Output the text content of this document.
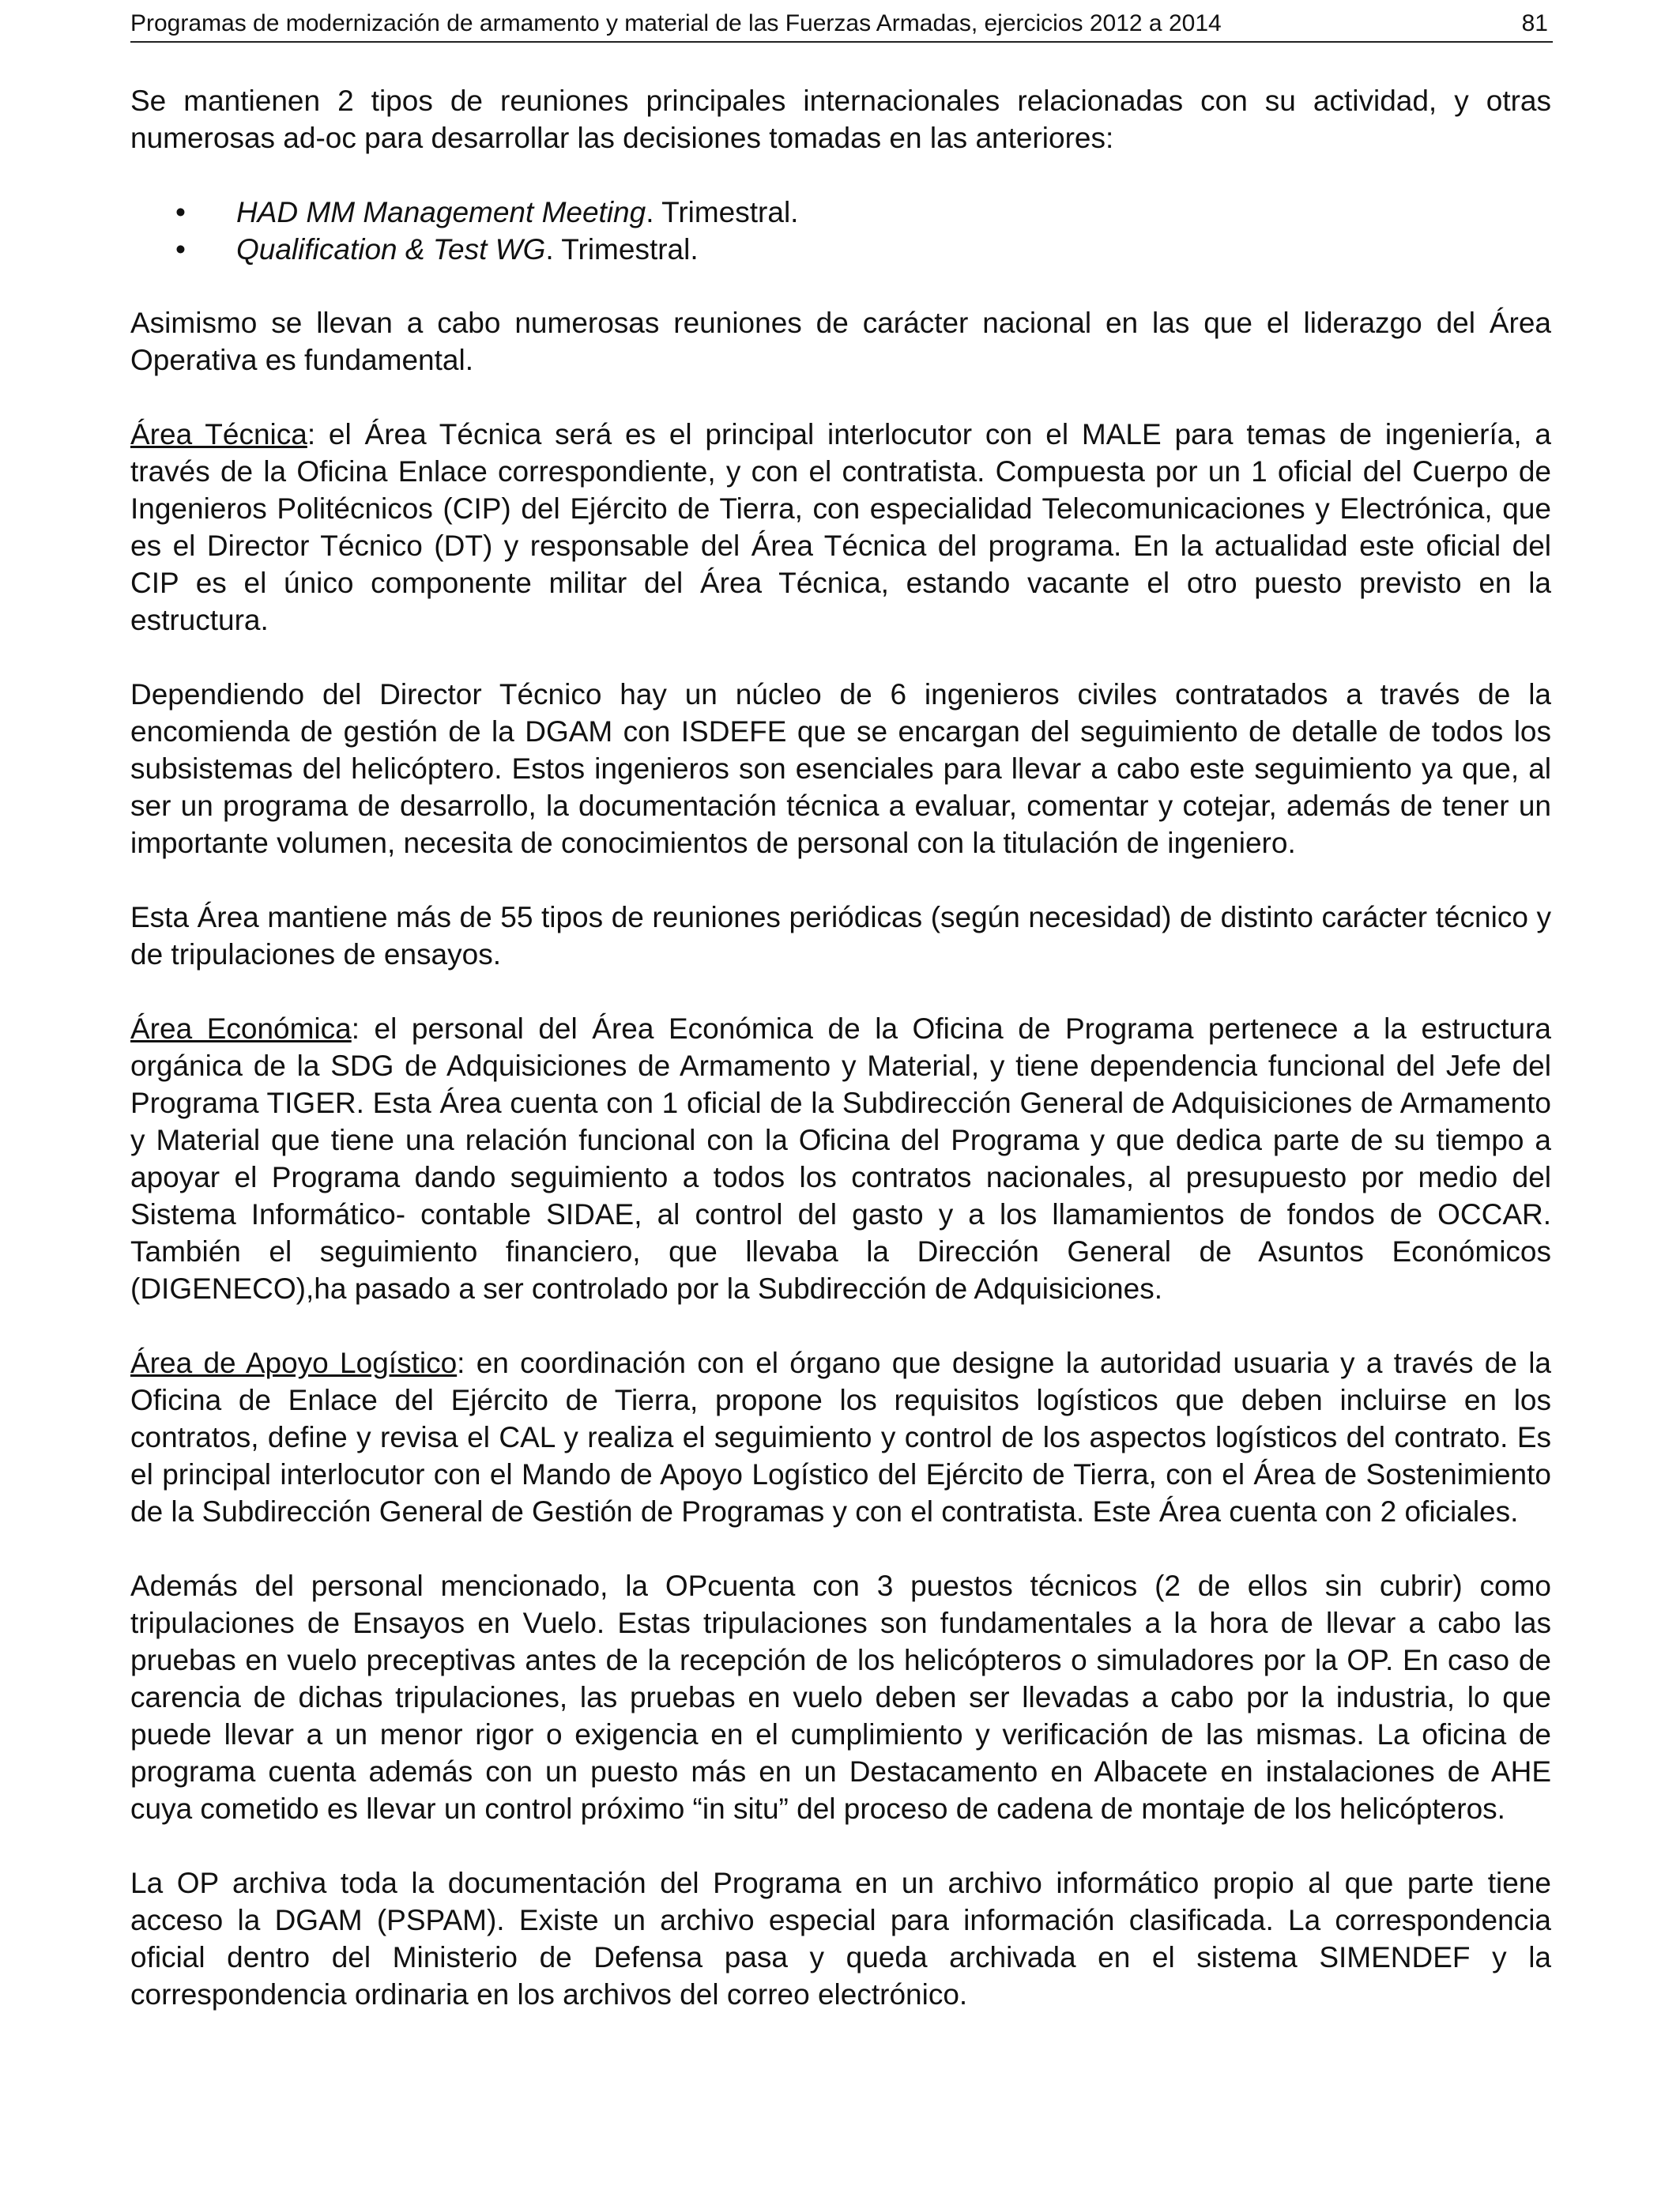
Programas de modernización de armamento y material de las Fuerzas Armadas, ejercicios 2012 a 2014	81

Se mantienen 2 tipos de reuniones principales internacionales relacionadas con su actividad, y otras numerosas ad-oc para desarrollar las decisiones tomadas en las anteriores:

• HAD MM Management Meeting. Trimestral.
• Qualification & Test WG. Trimestral.

Asimismo se llevan a cabo numerosas reuniones de carácter nacional en las que el liderazgo del Área Operativa es fundamental.

Área Técnica: el Área Técnica será es el principal interlocutor con el MALE para temas de ingeniería, a través de la Oficina Enlace correspondiente, y con el contratista. Compuesta por un 1 oficial del Cuerpo de Ingenieros Politécnicos (CIP) del Ejército de Tierra, con especialidad Telecomunicaciones y Electrónica, que es el Director Técnico (DT) y responsable del Área Técnica del programa. En la actualidad este oficial del CIP es el único componente militar del Área Técnica, estando vacante el otro puesto previsto en la estructura.

Dependiendo del Director Técnico hay un núcleo de 6 ingenieros civiles contratados a través de la encomienda de gestión de la DGAM con ISDEFE que se encargan del seguimiento de detalle de todos los subsistemas del helicóptero. Estos ingenieros son esenciales para llevar a cabo este seguimiento ya que, al ser un programa de desarrollo, la documentación técnica a evaluar, comentar y cotejar, además de tener un importante volumen, necesita de conocimientos de personal con la titulación de ingeniero.

Esta Área mantiene más de 55 tipos de reuniones periódicas (según necesidad) de distinto carácter técnico y de tripulaciones de ensayos.

Área Económica: el personal del Área Económica de la Oficina de Programa pertenece a la estructura orgánica de la SDG de Adquisiciones de Armamento y Material, y tiene dependencia funcional del Jefe del Programa TIGER. Esta Área cuenta con 1 oficial de la Subdirección General de Adquisiciones de Armamento y Material que tiene una relación funcional con la Oficina del Programa y que dedica parte de su tiempo a apoyar el Programa dando seguimiento a todos los contratos nacionales, al presupuesto por medio del Sistema Informático- contable SIDAE, al control del gasto y a los llamamientos de fondos de OCCAR. También el seguimiento financiero, que llevaba la Dirección General de Asuntos Económicos (DIGENECO),ha pasado a ser controlado por la Subdirección de Adquisiciones.

Área de Apoyo Logístico: en coordinación con el órgano que designe la autoridad usuaria y a través de la Oficina de Enlace del Ejército de Tierra, propone los requisitos logísticos que deben incluirse en los contratos, define y revisa el CAL y realiza el seguimiento y control de los aspectos logísticos del contrato. Es el principal interlocutor con el Mando de Apoyo Logístico del Ejército de Tierra, con el Área de Sostenimiento de la Subdirección General de Gestión de Programas y con el contratista. Este Área cuenta con 2 oficiales.

Además del personal mencionado, la OPcuenta con 3 puestos técnicos (2 de ellos sin cubrir) como tripulaciones de Ensayos en Vuelo. Estas tripulaciones son fundamentales a la hora de llevar a cabo las pruebas en vuelo preceptivas antes de la recepción de los helicópteros o simuladores por la OP. En caso de carencia de dichas tripulaciones, las pruebas en vuelo deben ser llevadas a cabo por la industria, lo que puede llevar a un menor rigor o exigencia en el cumplimiento y verificación de las mismas. La oficina de programa cuenta además con un puesto más en un Destacamento en Albacete en instalaciones de AHE cuya cometido es llevar un control próximo “in situ” del proceso de cadena de montaje de los helicópteros.

La OP archiva toda la documentación del Programa en un archivo informático propio al que parte tiene acceso la DGAM (PSPAM). Existe un archivo especial para información clasificada. La correspondencia oficial dentro del Ministerio de Defensa pasa y queda archivada en el sistema SIMENDEF y la correspondencia ordinaria en los archivos del correo electrónico.
